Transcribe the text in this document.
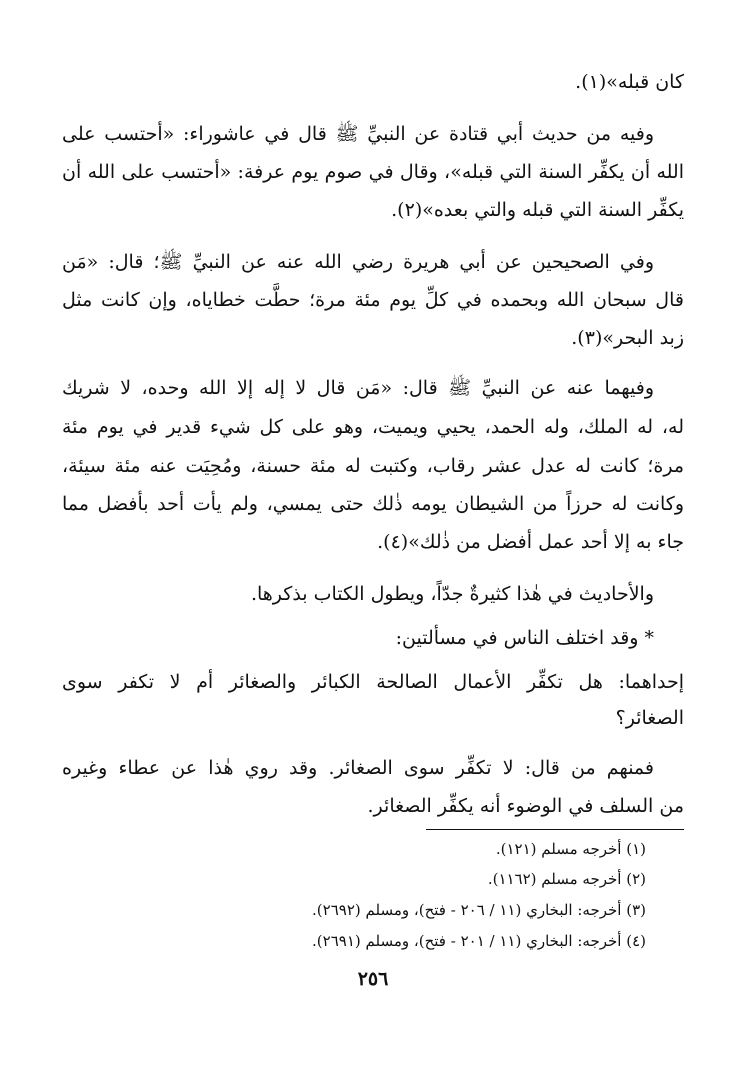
كان قبله»(١).
وفيه من حديث أبي قتادة عن النبيِّ ﷺ قال في عاشوراء: «أحتسب على
الله أن يكفِّر السنة التي قبله»، وقال في صوم يوم عرفة: «أحتسب على الله أن
يكفِّر السنة التي قبله والتي بعده»(٢).
وفي الصحيحين عن أبي هريرة رضي الله عنه عن النبيِّ ﷺ؛ قال: «مَن
قال سبحان الله وبحمده في كلِّ يوم مئة مرة؛ حطَّت خطاياه، وإن كانت مثل
زبد البحر»(٣).
وفيهما عنه عن النبيِّ ﷺ قال: «مَن قال لا إله إلا الله وحده، لا شريك
له، له الملك، وله الحمد، يحيي ويميت، وهو على كل شيء قدير في يوم مئة
مرة؛ كانت له عدل عشر رقاب، وكتبت له مئة حسنة، ومُحِيَت عنه مئة سيئة،
وكانت له حرزاً من الشيطان يومه ذٰلك حتى يمسي، ولم يأت أحد بأفضل مما
جاء به إلا أحد عمل أفضل من ذٰلك»(٤).
والأحاديث في هٰذا كثيرةٌ جدّاً، ويطول الكتاب بذكرها.
* وقد اختلف الناس في مسألتين:
إحداهما: هل تكفِّر الأعمال الصالحة الكبائر والصغائر أم لا تكفر سوى
الصغائر؟
فمنهم من قال: لا تكفِّر سوى الصغائر. وقد روي هٰذا عن عطاء وغيره
من السلف في الوضوء أنه يكفِّر الصغائر.
(١) أخرجه مسلم (١٢١).
(٢) أخرجه مسلم (١١٦٢).
(٣) أخرجه: البخاري (١١ / ٢٠٦ - فتح)، ومسلم (٢٦٩٢).
(٤) أخرجه: البخاري (١١ / ٢٠١ - فتح)، ومسلم (٢٦٩١).
٢٥٦
